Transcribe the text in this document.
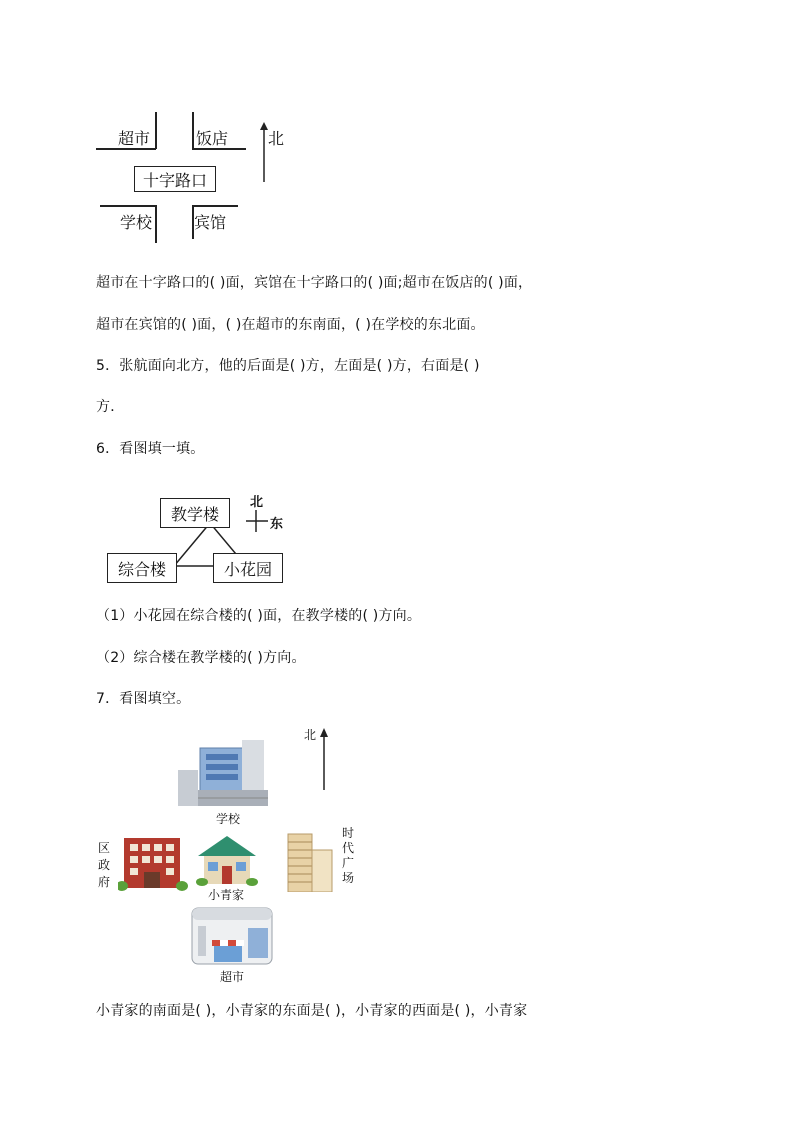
超市	饭店
十字路口
学校	宾馆
北
超市在十字路口的( )面，宾馆在十字路口的( )面;超市在饭店的( )面，
超市在宾馆的( )面，( )在超市的东南面，( )在学校的东北面。
5．张航面向北方，他的后面是( )方，左面是( )方，右面是( )
方．
6．看图填一填。
教学楼
综合楼	小花园
北
东
（1）小花园在综合楼的( )面，在教学楼的( )方向。
（2）综合楼在教学楼的( )方向。
7．看图填空。
北
学校
区政府
小青家
时代广场
超市
小青家的南面是( )，小青家的东面是( )，小青家的西面是( )，小青家
